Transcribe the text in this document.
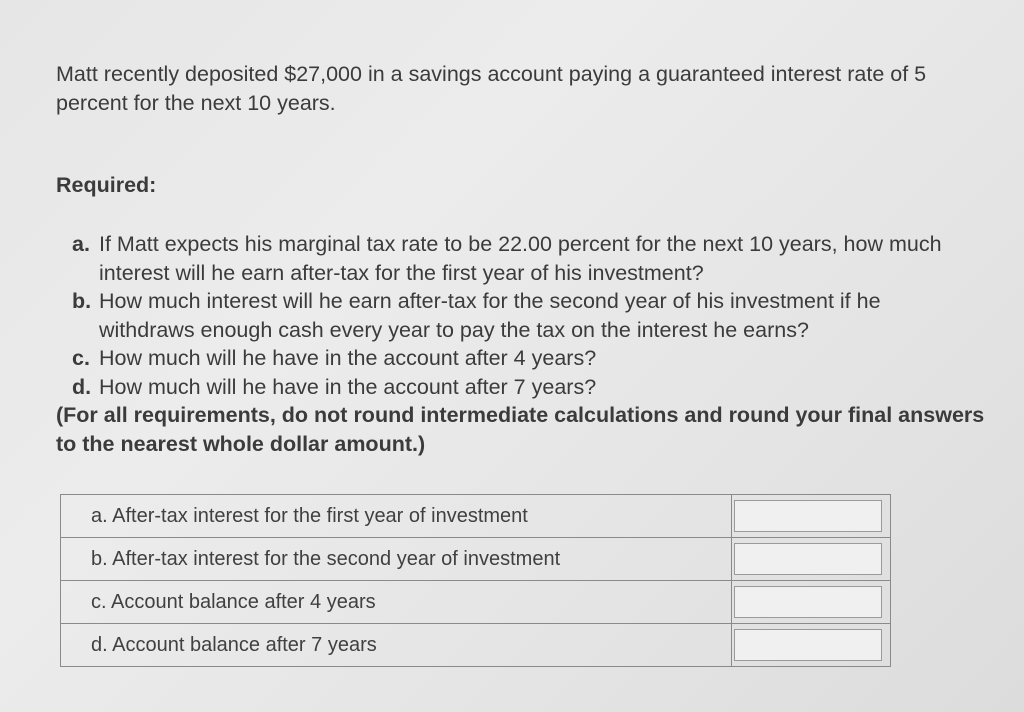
Matt recently deposited $27,000 in a savings account paying a guaranteed interest rate of 5 percent for the next 10 years.

Required:

a. If Matt expects his marginal tax rate to be 22.00 percent for the next 10 years, how much interest will he earn after-tax for the first year of his investment?
b. How much interest will he earn after-tax for the second year of his investment if he withdraws enough cash every year to pay the tax on the interest he earns?
c. How much will he have in the account after 4 years?
d. How much will he have in the account after 7 years?

(For all requirements, do not round intermediate calculations and round your final answers to the nearest whole dollar amount.)

a. After-tax interest for the first year of investment	

b. After-tax interest for the second year of investment	

c. Account balance after 4 years	

d. Account balance after 7 years	
